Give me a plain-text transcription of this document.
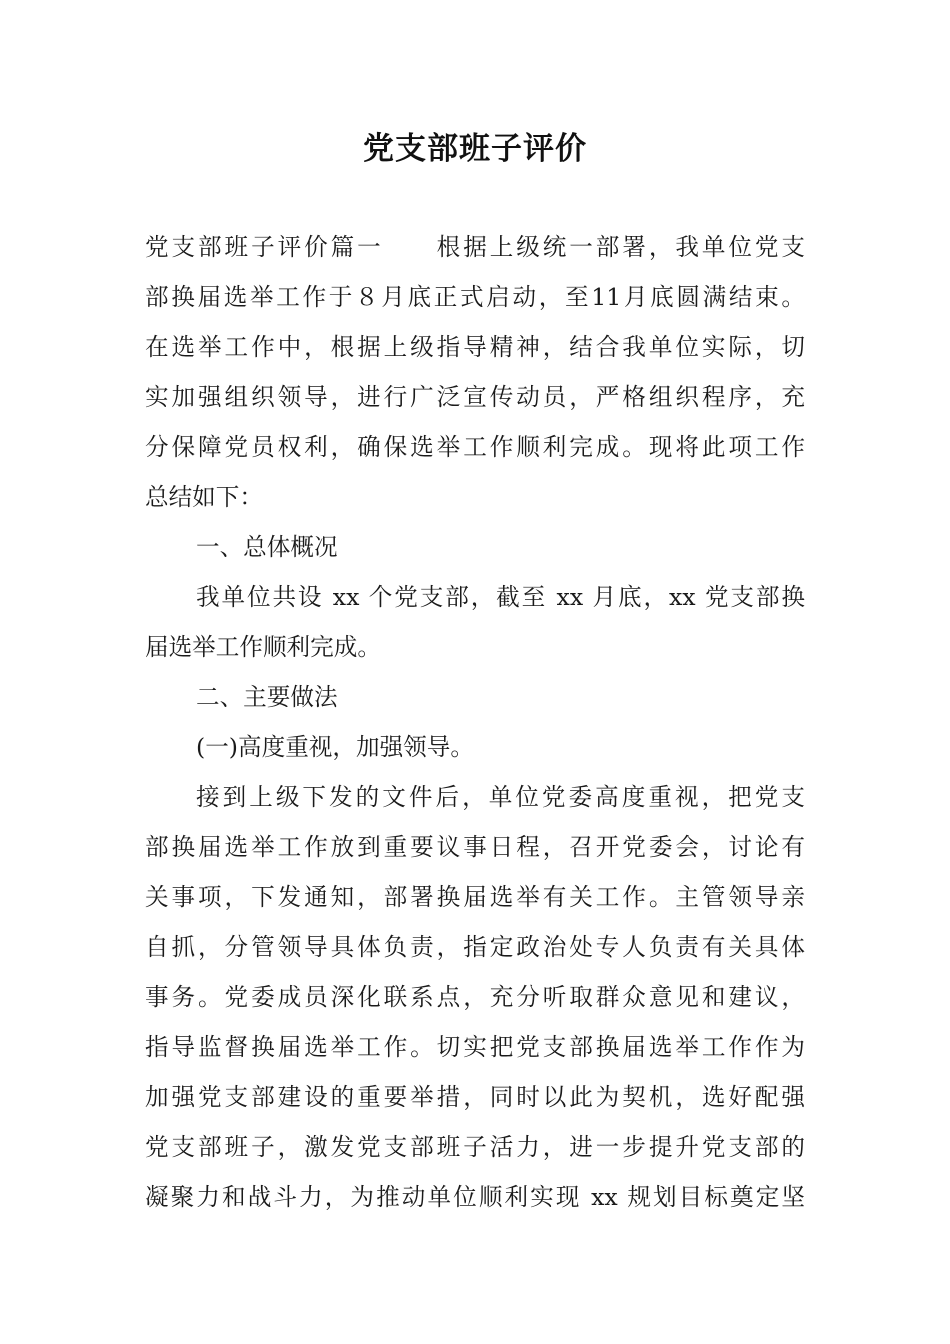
党支部班子评价
党支部班子评价篇一　　根据上级统一部署，我单位党支
部换届选举工作于８月底正式启动，至11月底圆满结束。
在选举工作中，根据上级指导精神，结合我单位实际，切
实加强组织领导，进行广泛宣传动员，严格组织程序，充
分保障党员权利，确保选举工作顺利完成。现将此项工作
总结如下：
一、总体概况
我单位共设 xx 个党支部，截至 xx 月底，xx 党支部换
届选举工作顺利完成。
二、主要做法
(一)高度重视，加强领导。
接到上级下发的文件后，单位党委高度重视，把党支
部换届选举工作放到重要议事日程，召开党委会，讨论有
关事项，下发通知，部署换届选举有关工作。主管领导亲
自抓，分管领导具体负责，指定政治处专人负责有关具体
事务。党委成员深化联系点，充分听取群众意见和建议，
指导监督换届选举工作。切实把党支部换届选举工作作为
加强党支部建设的重要举措，同时以此为契机，选好配强
党支部班子，激发党支部班子活力，进一步提升党支部的
凝聚力和战斗力，为推动单位顺利实现 xx 规划目标奠定坚
